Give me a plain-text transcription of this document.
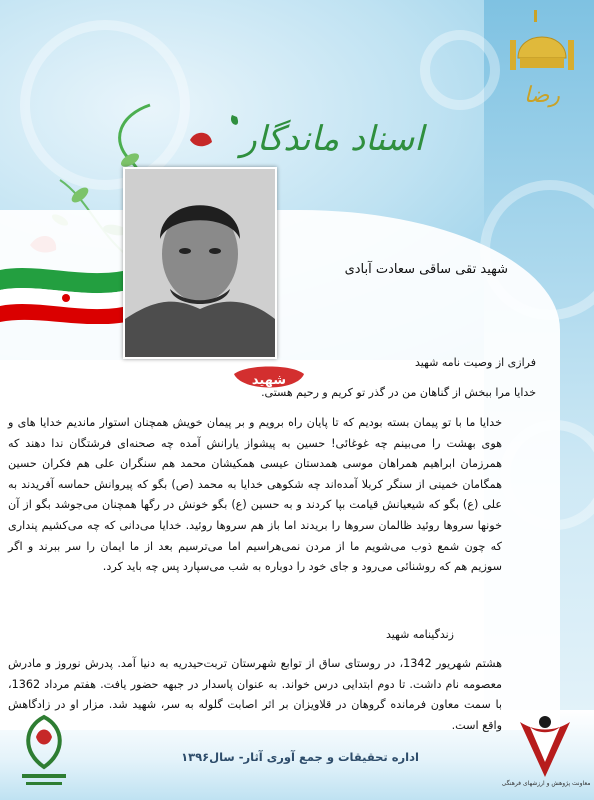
اسناد ماندگار
رضا
شهید تقی ساقی سعادت آبادی
فرازی از وصیت نامه شهید
شهید
خدایا مرا ببخش از گناهان من در گذر تو کریم و رحیم هستی.
خدایا ما با تو پیمان بسته بودیم که تا پایان راه برویم و بر پیمان خویش همچنان استوار ماندیم خدایا های و هوی بهشت را می‌بینم چه غوغائی! حسین به پیشواز یارانش آمده چه صحنه‌ای فرشتگان ندا دهند که همرزمان ابراهیم همراهان موسی همدستان عیسی همکیشان محمد هم سنگران علی هم فکران حسین همگامان خمینی از سنگر کربلا آمده‌اند چه شکوهی خدایا به محمد (ص) بگو که پیروانش حماسه آفریدند به علی (ع) بگو که شیعیانش قیامت بپا کردند و به حسین (ع) بگو خونش در رگها همچنان می‌جوشد بگو از آن خونها سروها روئید ظالمان سروها را بریدند اما باز هم سروها روئید. خدایا می‌دانی که چه می‌کشیم پنداری که چون شمع ذوب می‌شویم ما از مردن نمی‌هراسیم اما می‌ترسیم بعد از ما ایمان را سر ببرند و اگر سوزیم هم که روشنائی می‌رود و جای خود را دوباره به شب می‌سپارد پس چه باید کرد.
زندگینامه شهید
هشتم شهریور 1342، در روستای ساق از توابع شهرستان تربت‌حیدریه به دنیا آمد. پدرش نوروز و مادرش معصومه نام داشت. تا دوم ابتدایی درس خواند. به عنوان پاسدار در جبهه حضور یافت. هفتم مرداد 1362، با سمت معاون فرمانده گروهان در قلاویزان بر اثر اصابت گلوله به سر، شهید شد. مزار او در زادگاهش واقع است.
اداره تحقیقات و جمع آوری آثار- سال۱۳۹۶
معاونت پژوهش و ارزشهای فرهنگی
